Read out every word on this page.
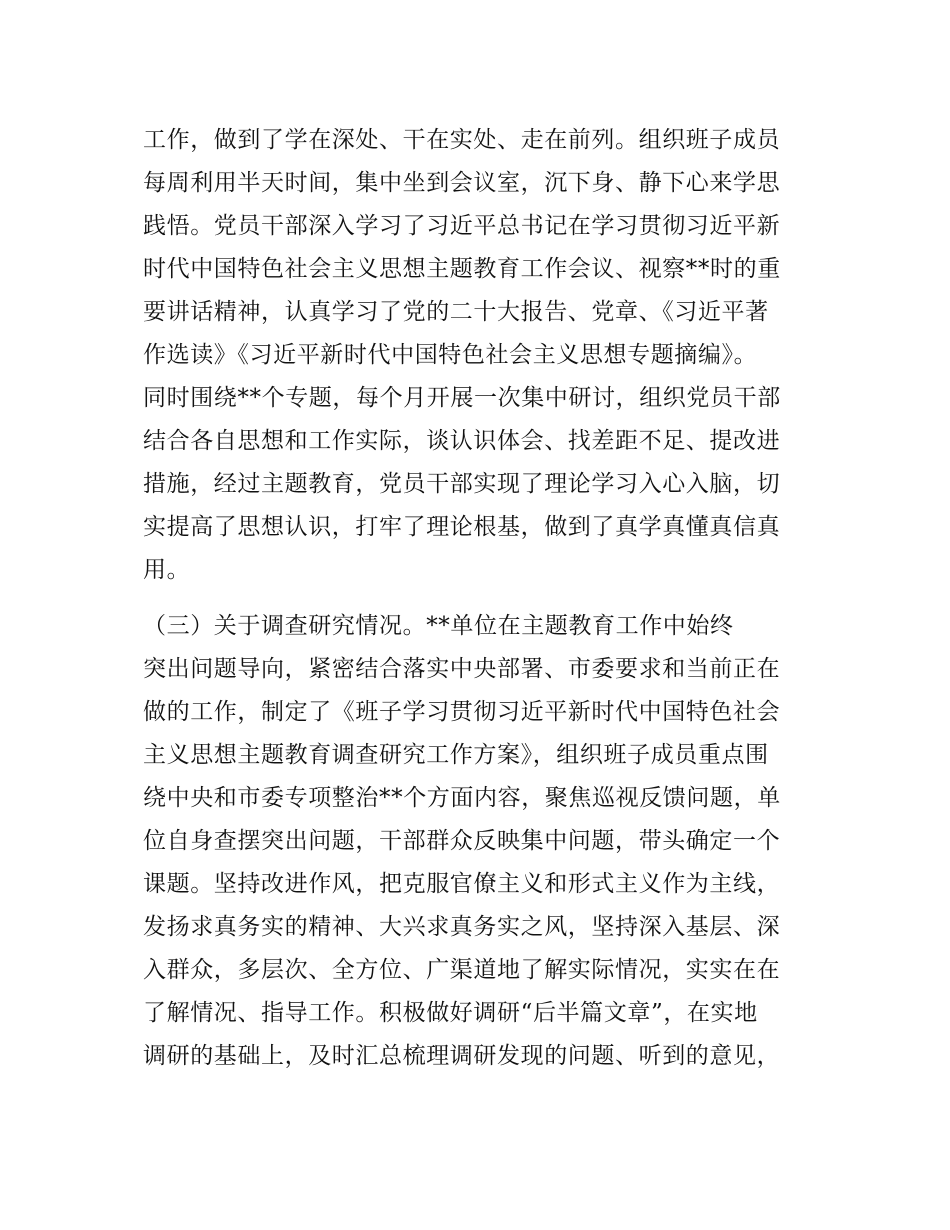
工作，做到了学在深处、干在实处、走在前列。组织班子成员
每周利用半天时间，集中坐到会议室，沉下身、静下心来学思
践悟。党员干部深入学习了习近平总书记在学习贯彻习近平新
时代中国特色社会主义思想主题教育工作会议、视察**时的重
要讲话精神，认真学习了党的二十大报告、党章、《习近平著
作选读》《习近平新时代中国特色社会主义思想专题摘编》。
同时围绕**个专题，每个月开展一次集中研讨，组织党员干部
结合各自思想和工作实际，谈认识体会、找差距不足、提改进
措施，经过主题教育，党员干部实现了理论学习入心入脑，切
实提高了思想认识，打牢了理论根基，做到了真学真懂真信真
用。
（三）关于调查研究情况。**单位在主题教育工作中始终
突出问题导向，紧密结合落实中央部署、市委要求和当前正在
做的工作，制定了《班子学习贯彻习近平新时代中国特色社会
主义思想主题教育调查研究工作方案》，组织班子成员重点围
绕中央和市委专项整治**个方面内容，聚焦巡视反馈问题，单
位自身查摆突出问题，干部群众反映集中问题，带头确定一个
课题。坚持改进作风，把克服官僚主义和形式主义作为主线，
发扬求真务实的精神、大兴求真务实之风，坚持深入基层、深
入群众，多层次、全方位、广渠道地了解实际情况，实实在在
了解情况、指导工作。积极做好调研“后半篇文章”，在实地
调研的基础上，及时汇总梳理调研发现的问题、听到的意见，
